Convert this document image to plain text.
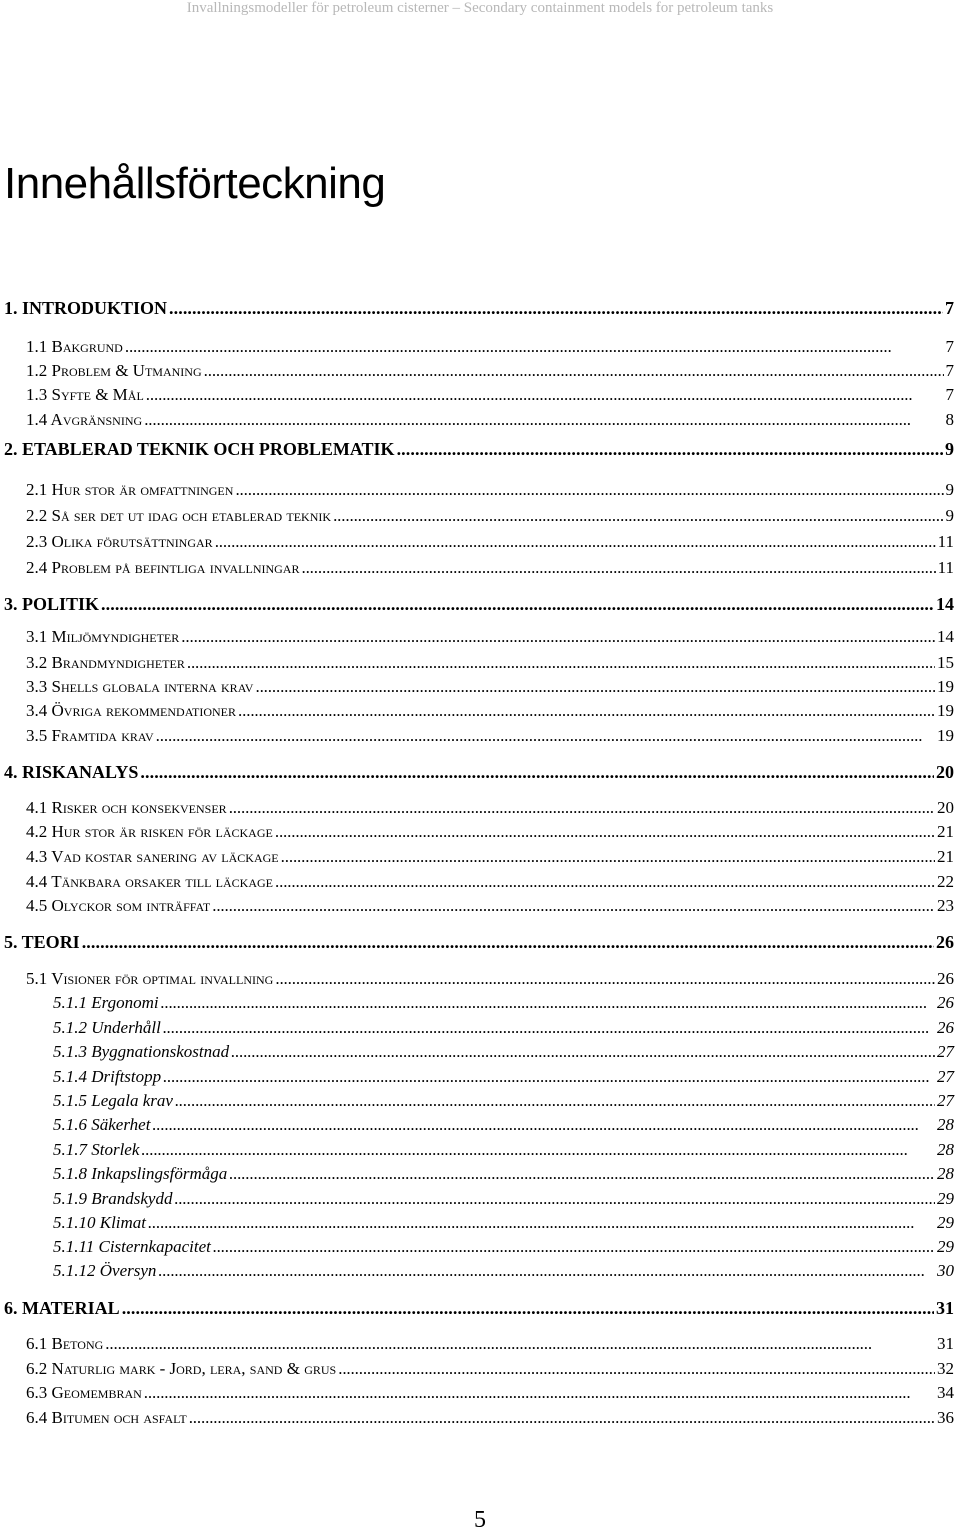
Invallningsmodeller för petroleum cisterner – Secondary containment models for petroleum tanks
Innehållsförteckning
1. INTRODUKTION . . .	7
1.1 Bakgrund . . .	7
1.2 Problem & Utmaning . . .	7
1.3 Syfte & Mål . . .	7
1.4 Avgränsning . . .	8
2. ETABLERAD TEKNIK OCH PROBLEMATIK . . .	9
2.1 Hur stor är omfattningen . . .	9
2.2 Så ser det ut idag och etablerad teknik . . .	9
2.3 Olika förutsättningar . . .	11
2.4 Problem på befintliga invallningar . . .	11
3. POLITIK . . .	14
3.1 Miljömyndigheter . . .	14
3.2 Brandmyndigheter . . .	15
3.3 Shells globala interna krav . . .	19
3.4 Övriga rekommendationer . . .	19
3.5 Framtida krav . . .	19
4. RISKANALYS . . .	20
4.1 Risker och konsekvenser . . .	20
4.2 Hur stor är risken för läckage . . .	21
4.3 Vad kostar sanering av läckage . . .	21
4.4 Tänkbara orsaker till läckage . . .	22
4.5 Olyckor som inträffat . . .	23
5. TEORI . . .	26
5.1 Visioner för optimal invallning . . .	26
5.1.1 Ergonomi . . .	26
5.1.2 Underhåll . . .	26
5.1.3 Byggnationskostnad . . .	27
5.1.4 Driftstopp . . .	27
5.1.5 Legala krav . . .	27
5.1.6 Säkerhet . . .	28
5.1.7 Storlek . . .	28
5.1.8 Inkapslingsförmåga . . .	28
5.1.9 Brandskydd . . .	29
5.1.10 Klimat . . .	29
5.1.11 Cisternkapacitet . . .	29
5.1.12 Översyn . . .	30
6. MATERIAL . . .	31
6.1 Betong . . .	31
6.2 Naturlig mark - Jord, lera, sand & grus . . .	32
6.3 Geomembran . . .	34
6.4 Bitumen och asfalt . . .	36
5
